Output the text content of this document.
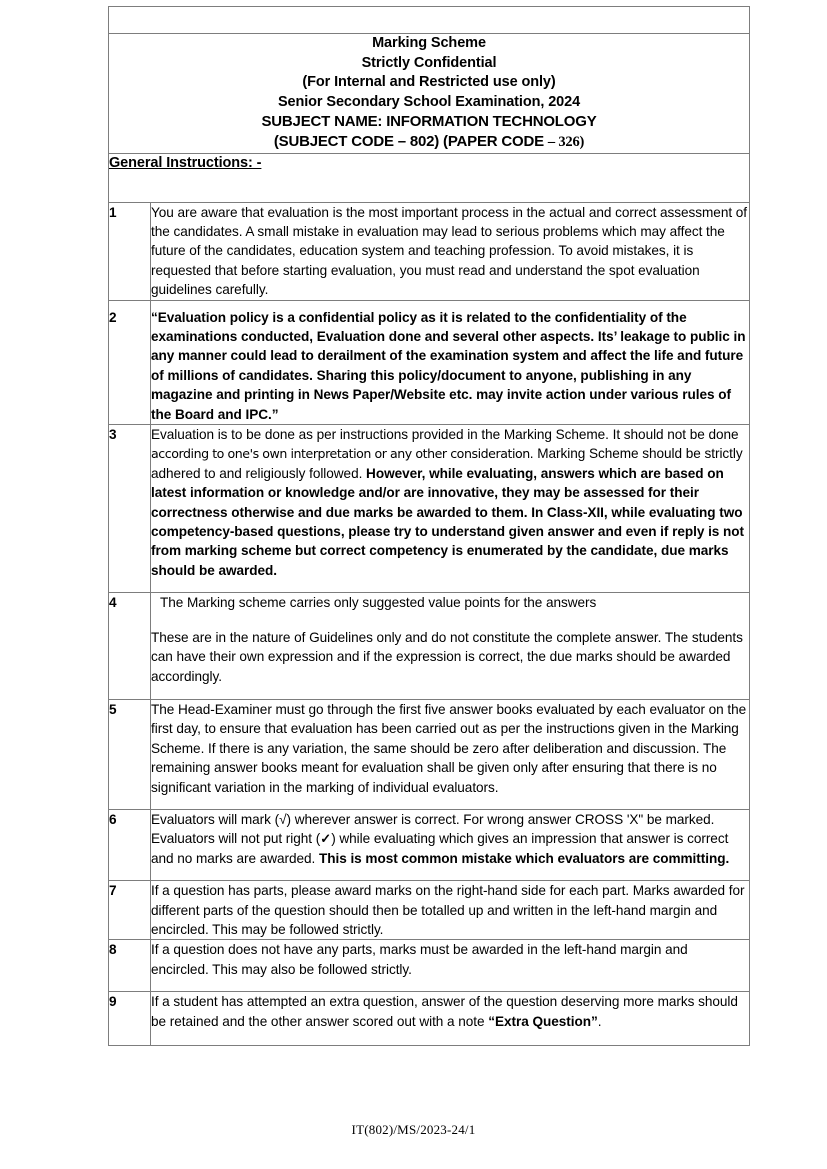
Marking Scheme
Strictly Confidential
(For Internal and Restricted use only)
Senior Secondary School Examination, 2024
SUBJECT NAME: INFORMATION TECHNOLOGY
(SUBJECT CODE – 802) (PAPER CODE – 326)

General Instructions: -	
1	You are aware that evaluation is the most important process in the actual and correct assessment of the candidates. A small mistake in evaluation may lead to serious problems which may affect the future of the candidates, education system and teaching profession. To avoid mistakes, it is requested that before starting evaluation, you must read and understand the spot evaluation guidelines carefully.

2	“Evaluation policy is a confidential policy as it is related to the confidentiality of the examinations conducted, Evaluation done and several other aspects. Its’ leakage to public in any manner could lead to derailment of the examination system and affect the life and future of millions of candidates. Sharing this policy/document to anyone, publishing in any magazine and printing in News Paper/Website etc. may invite action under various rules of the Board and IPC.”

3	Evaluation is to be done as per instructions provided in the Marking Scheme. It should not be done according to one's own interpretation or any other consideration. Marking Scheme should be strictly adhered to and religiously followed. However, while evaluating, answers which are based on latest information or knowledge and/or are innovative, they may be assessed for their correctness otherwise and due marks be awarded to them. In Class-XII, while evaluating two competency-based questions, please try to understand given answer and even if reply is not from marking scheme but correct competency is enumerated by the candidate, due marks should be awarded.

4	The Marking scheme carries only suggested value points for the answers

These are in the nature of Guidelines only and do not constitute the complete answer. The students can have their own expression and if the expression is correct, the due marks should be awarded accordingly.

5	The Head-Examiner must go through the first five answer books evaluated by each evaluator on the first day, to ensure that evaluation has been carried out as per the instructions given in the Marking Scheme. If there is any variation, the same should be zero after deliberation and discussion. The remaining answer books meant for evaluation shall be given only after ensuring that there is no significant variation in the marking of individual evaluators.

6	Evaluators will mark (√) wherever answer is correct. For wrong answer CROSS 'X" be marked. Evaluators will not put right (✓) while evaluating which gives an impression that answer is correct and no marks are awarded. This is most common mistake which evaluators are committing.

7	If a question has parts, please award marks on the right-hand side for each part. Marks awarded for different parts of the question should then be totalled up and written in the left-hand margin and encircled. This may be followed strictly.

8	If a question does not have any parts, marks must be awarded in the left-hand margin and encircled. This may also be followed strictly.

9	If a student has attempted an extra question, answer of the question deserving more marks should be retained and the other answer scored out with a note “Extra Question”.

IT(802)/MS/2023-24/1
